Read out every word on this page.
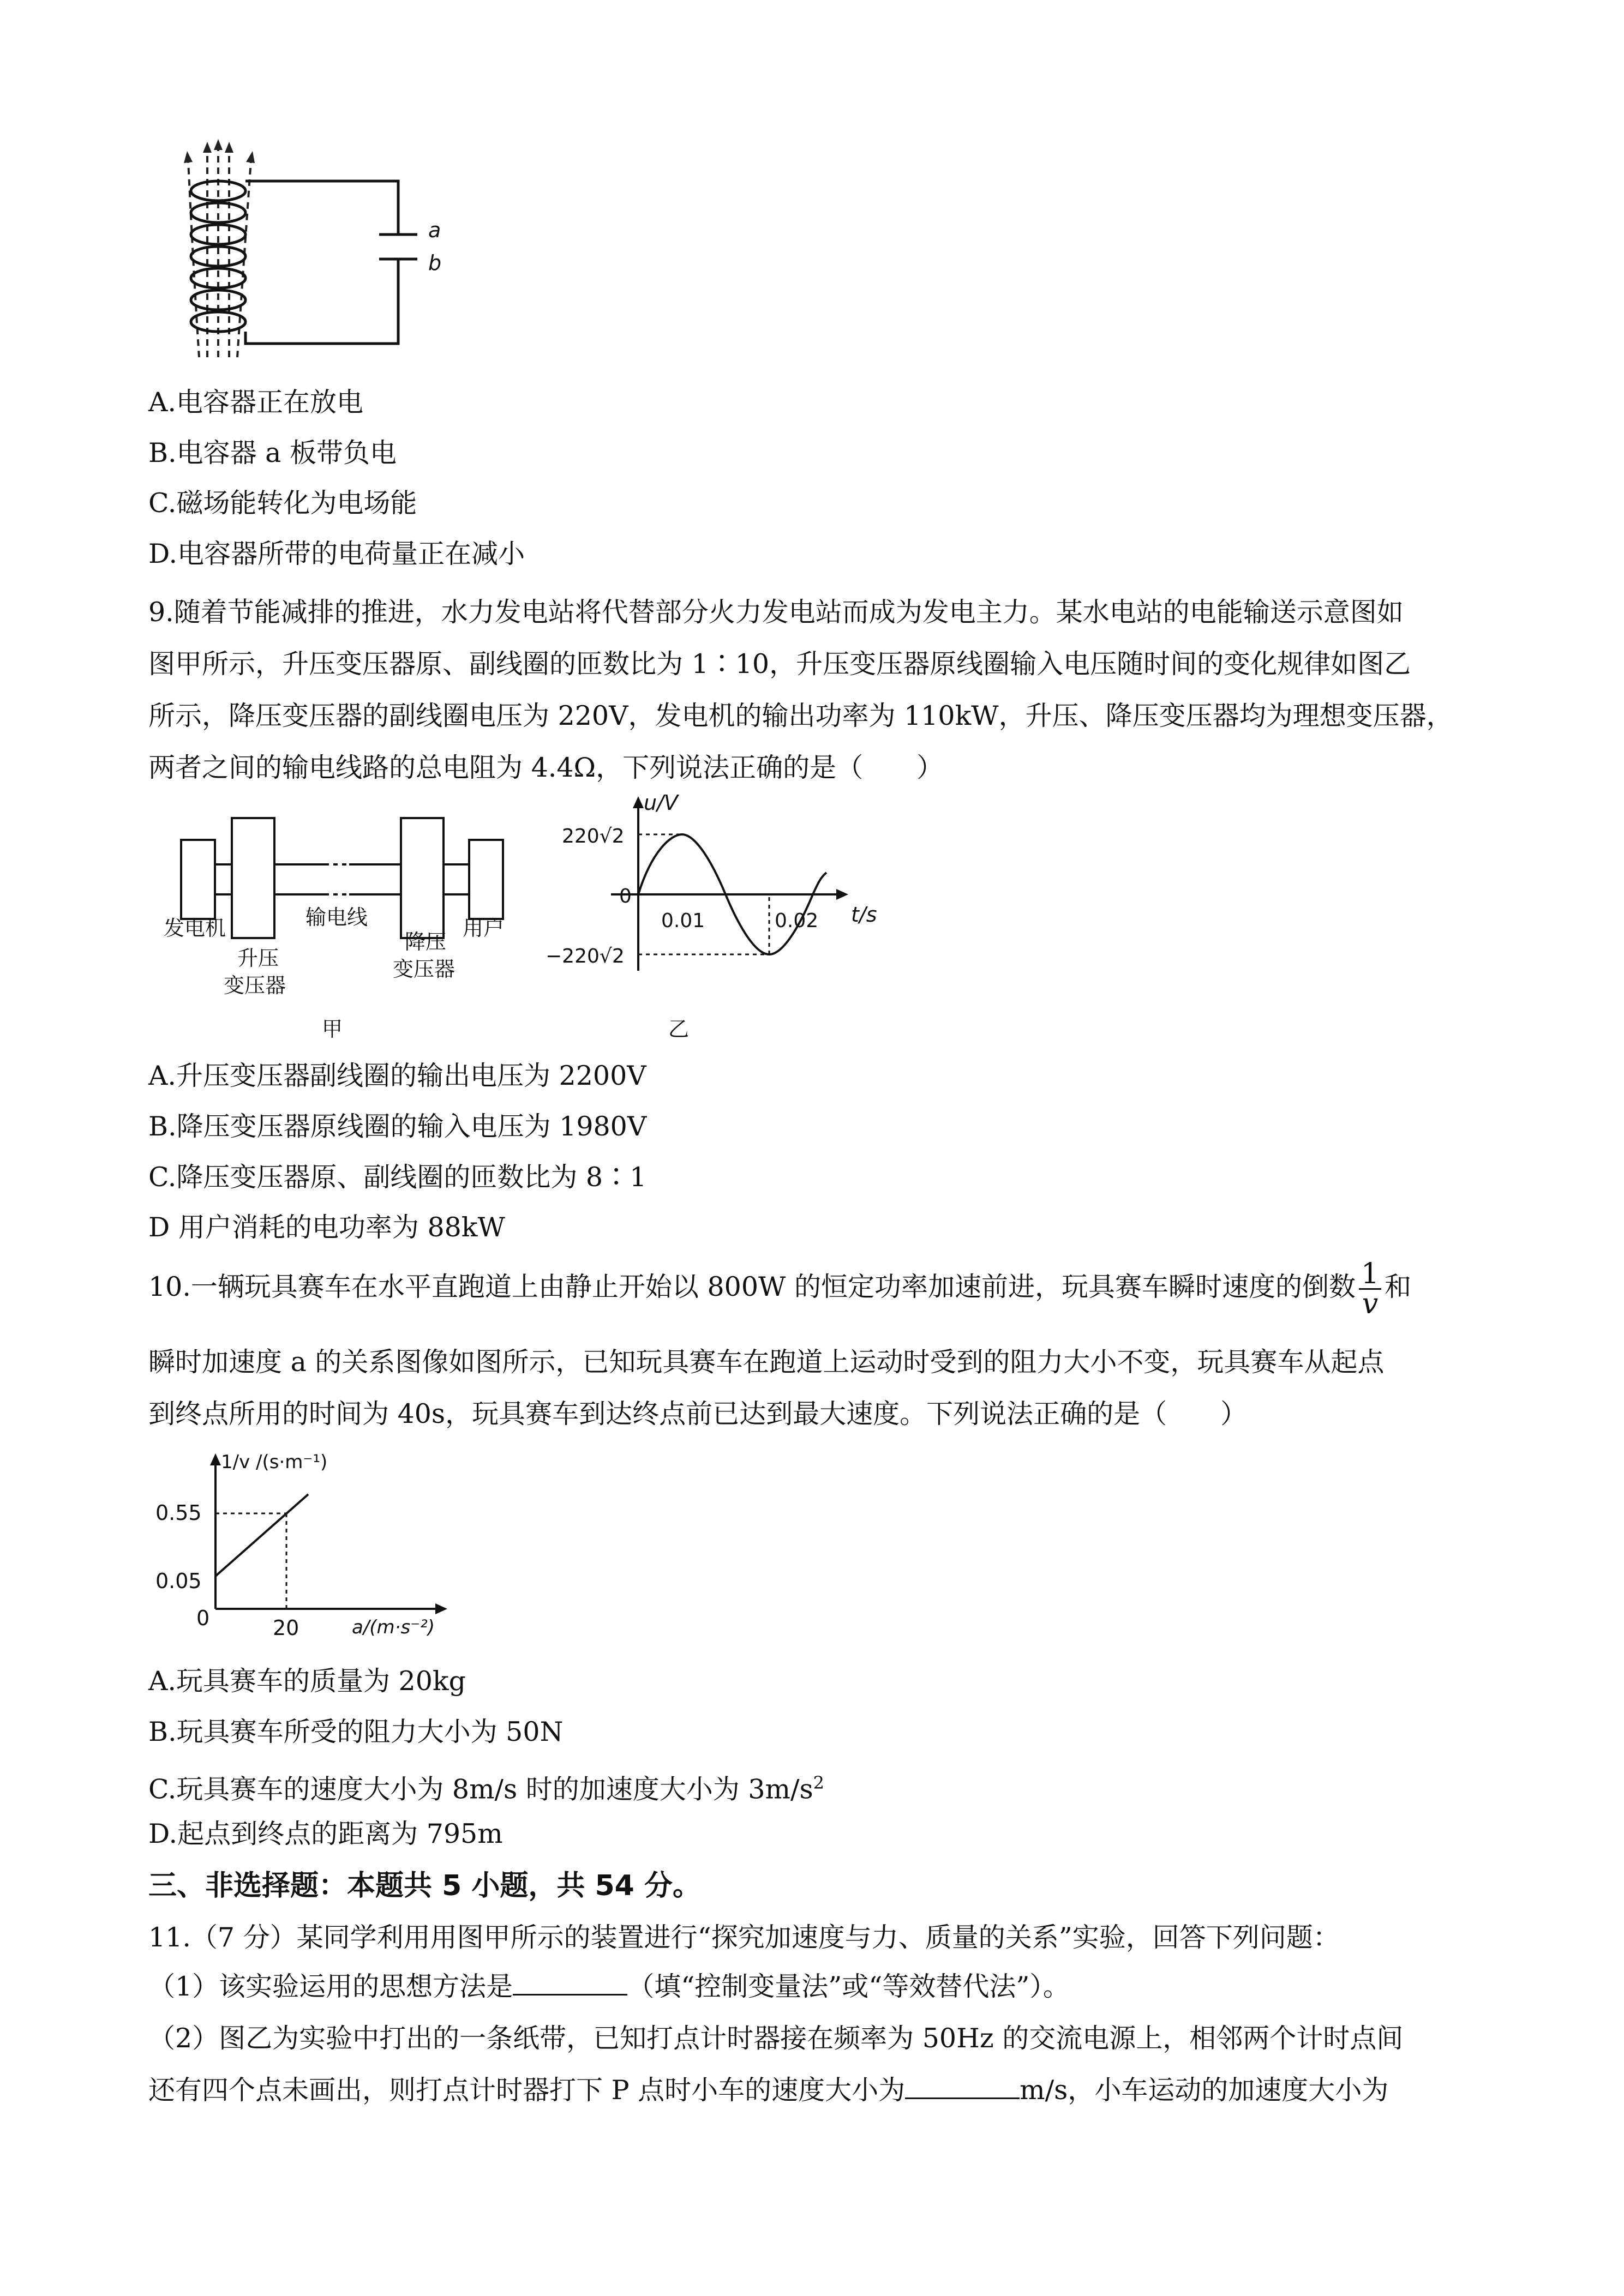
a
b
A.电容器正在放电
B.电容器 a 板带负电
C.磁场能转化为电场能
D.电容器所带的电荷量正在减小
9.随着节能减排的推进，水力发电站将代替部分火力发电站而成为发电主力。某水电站的电能输送示意图如
图甲所示，升压变压器原、副线圈的匝数比为 1∶10，升压变压器原线圈输入电压随时间的变化规律如图乙
所示，降压变压器的副线圈电压为 220V，发电机的输出功率为 110kW，升压、降压变压器均为理想变压器，
两者之间的输电线路的总电阻为 4.4Ω，下列说法正确的是（　　）
发电机	输电线
升压
变压器
降压
变压器
用户
甲
u/V
t/s
220√2
0
0.01	0.02
−220√2
乙
A.升压变压器副线圈的输出电压为 2200V
B.降压变压器原线圈的输入电压为 1980V
C.降压变压器原、副线圈的匝数比为 8∶1
D 用户消耗的电功率为 88kW
10.一辆玩具赛车在水平直跑道上由静止开始以 800W 的恒定功率加速前进，玩具赛车瞬时速度的倒数 $\frac{1}{v}$ 和
瞬时加速度 a 的关系图像如图所示，已知玩具赛车在跑道上运动时受到的阻力大小不变，玩具赛车从起点
到终点所用的时间为 40s，玩具赛车到达终点前已达到最大速度。下列说法正确的是（　　）
1/v /(s·m⁻¹)
a/(m·s⁻²)
0.55
0.05
0	20
A.玩具赛车的质量为 20kg
B.玩具赛车所受的阻力大小为 50N
C.玩具赛车的速度大小为 8m/s 时的加速度大小为 $3m/s^2$
D.起点到终点的距离为 795m
三、非选择题：本题共 5 小题，共 54 分。
11.（7 分）某同学利用用图甲所示的装置进行“探究加速度与力、质量的关系”实验，回答下列问题：
（1）该实验运用的思想方法是	（填“控制变量法”或“等效替代法”）。
（2）图乙为实验中打出的一条纸带，已知打点计时器接在频率为 50Hz 的交流电源上，相邻两个计时点间
还有四个点未画出，则打点计时器打下 P 点时小车的速度大小为	m/s，小车运动的加速度大小为
